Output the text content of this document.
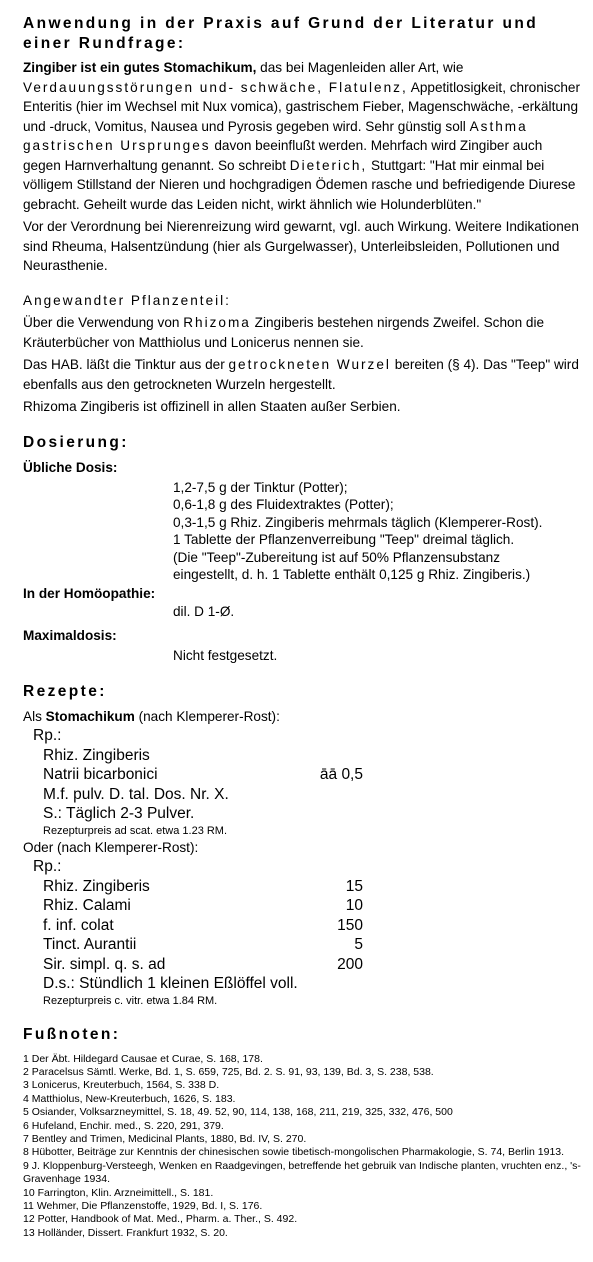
Anwendung in der Praxis auf Grund der Literatur und einer Rundfrage:

Zingiber ist ein gutes Stomachikum, das bei Magenleiden aller Art, wie Verdauungsstörungen und- schwäche, Flatulenz, Appetitlosigkeit, chronischer Enteritis (hier im Wechsel mit Nux vomica), gastrischem Fieber, Magenschwäche, -erkältung und -druck, Vomitus, Nausea und Pyrosis gegeben wird. Sehr günstig soll Asthma gastrischen Ursprunges davon beeinflußt werden. Mehrfach wird Zingiber auch gegen Harnverhaltung genannt. So schreibt Dieterich, Stuttgart: "Hat mir einmal bei völligem Stillstand der Nieren und hochgradigen Ödemen rasche und befriedigende Diurese gebracht. Geheilt wurde das Leiden nicht, wirkt ähnlich wie Holunderblüten."

Vor der Verordnung bei Nierenreizung wird gewarnt, vgl. auch Wirkung. Weitere Indikationen sind Rheuma, Halsentzündung (hier als Gurgelwasser), Unterleibsleiden, Pollutionen und Neurasthenie.

Angewandter Pflanzenteil:

Über die Verwendung von Rhizoma Zingiberis bestehen nirgends Zweifel. Schon die Kräuterbücher von Matthiolus und Lonicerus nennen sie.

Das HAB. läßt die Tinktur aus der getrockneten Wurzel bereiten (§ 4). Das "Teep" wird ebenfalls aus den getrockneten Wurzeln hergestellt.

Rhizoma Zingiberis ist offizinell in allen Staaten außer Serbien.

Dosierung:
Übliche Dosis:
1,2-7,5 g der Tinktur (Potter);
0,6-1,8 g des Fluidextraktes (Potter);
0,3-1,5 g Rhiz. Zingiberis mehrmals täglich (Klemperer-Rost).
1 Tablette der Pflanzenverreibung "Teep" dreimal täglich.
(Die "Teep"-Zubereitung ist auf 50% Pflanzensubstanz
eingestellt, d. h. 1 Tablette enthält 0,125 g Rhiz. Zingiberis.)
In der Homöopathie:
dil. D 1-Ø.
Maximaldosis:
Nicht festgesetzt.
Rezepte:

Als Stomachikum (nach Klemperer-Rost):

Rp.:
Rhiz. Zingiberis
Natrii bicarbonici	āā 0,5
M.f. pulv. D. tal. Dos. Nr. X.
S.: Täglich 2-3 Pulver.
Rezepturpreis ad scat. etwa 1.23 RM.

Oder (nach Klemperer-Rost):

Rp.:
Rhiz. Zingiberis	15
Rhiz. Calami	10
f. inf. colat	150
Tinct. Aurantii	5
Sir. simpl. q. s. ad	200
D.s.: Stündlich 1 kleinen Eßlöffel voll.
Rezepturpreis c. vitr. etwa 1.84 RM.
Fußnoten:
1 Der Äbt. Hildegard Causae et Curae, S. 168, 178.
2 Paracelsus Sämtl. Werke, Bd. 1, S. 659, 725, Bd. 2. S. 91, 93, 139, Bd. 3, S. 238, 538.
3 Lonicerus, Kreuterbuch, 1564, S. 338 D.
4 Matthiolus, New-Kreuterbuch, 1626, S. 183.
5 Osiander, Volksarzneymittel, S. 18, 49. 52, 90, 114, 138, 168, 211, 219, 325, 332, 476, 500
6 Hufeland, Enchir. med., S. 220, 291, 379.
7 Bentley and Trimen, Medicinal Plants, 1880, Bd. IV, S. 270.
8 Hübotter, Beiträge zur Kenntnis der chinesischen sowie tibetisch-mongolischen Pharmakologie, S. 74, Berlin 1913.
9 J. Kloppenburg-Versteegh, Wenken en Raadgevingen, betreffende het gebruik van Indische planten, vruchten enz., 's-Gravenhage 1934.
10 Farrington, Klin. Arzneimittell., S. 181.
11 Wehmer, Die Pflanzenstoffe, 1929, Bd. I, S. 176.
12 Potter, Handbook of Mat. Med., Pharm. a. Ther., S. 492.
13 Holländer, Dissert. Frankfurt 1932, S. 20.
